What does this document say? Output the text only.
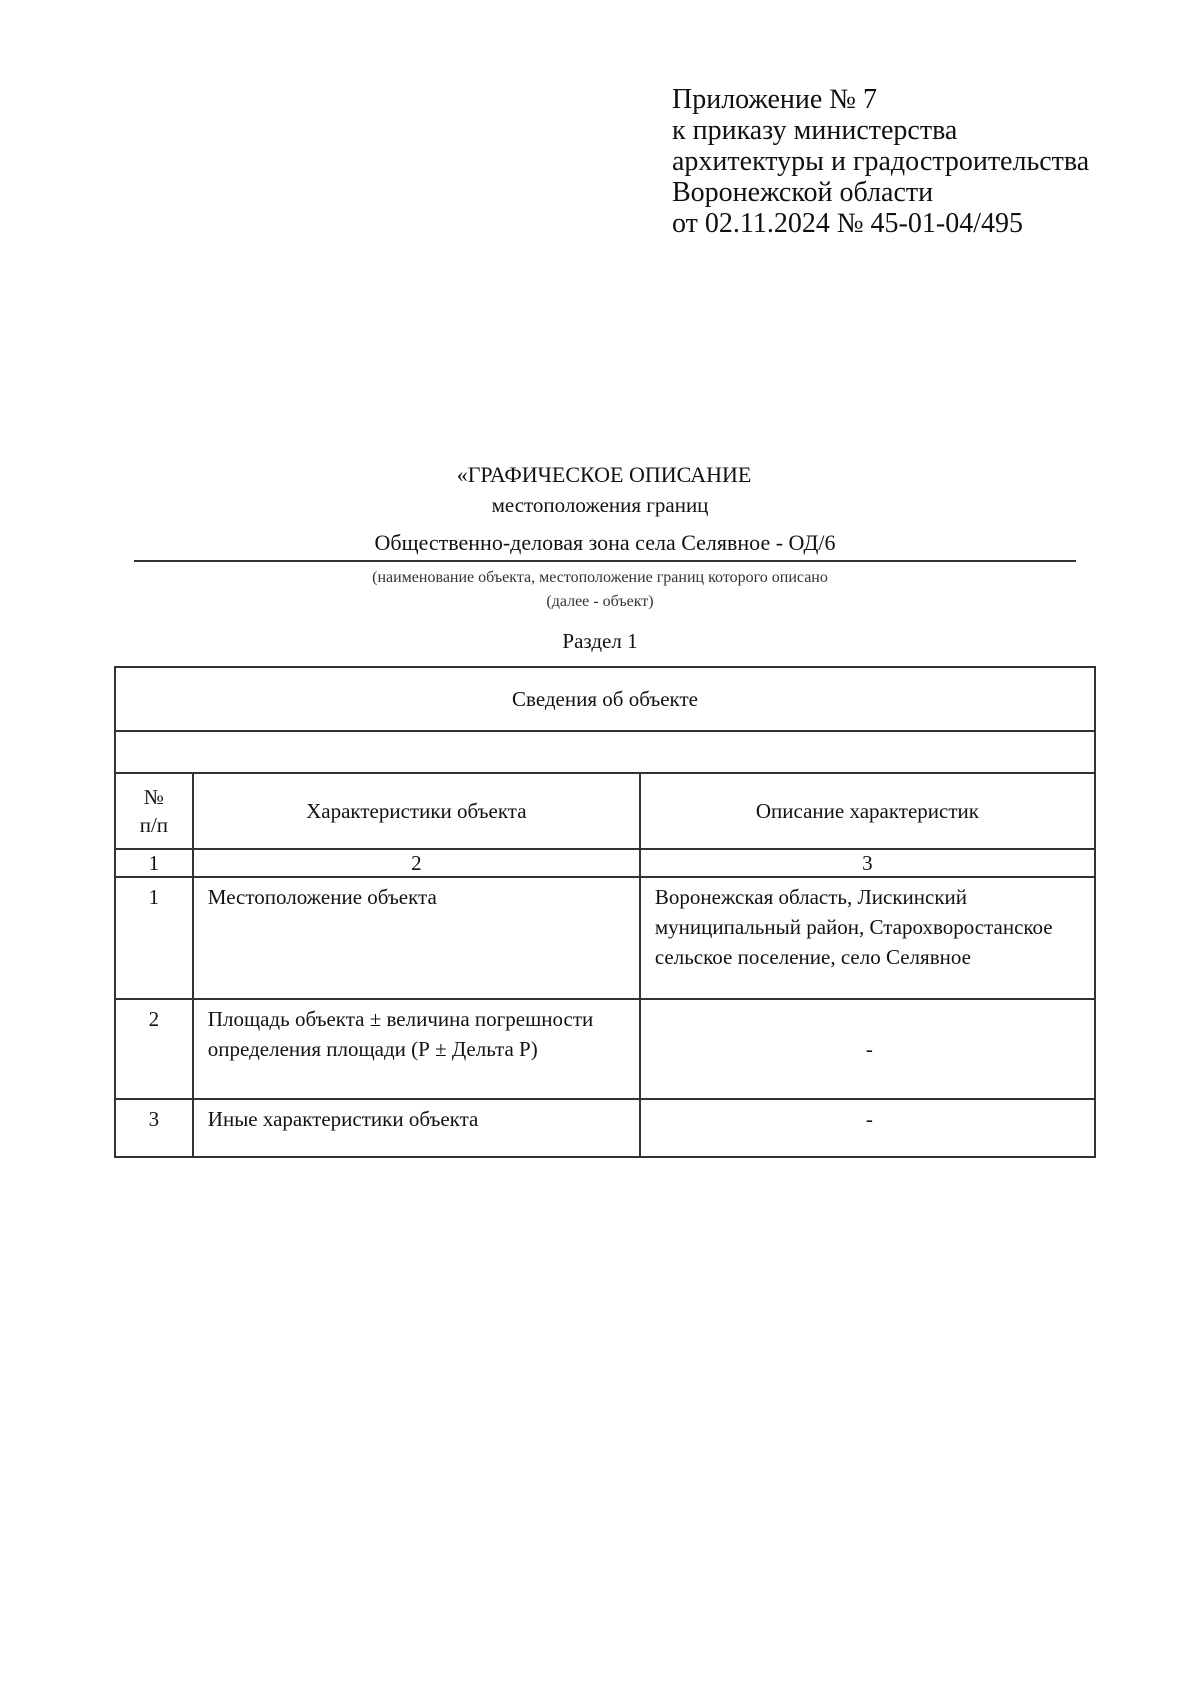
Приложение № 7
к приказу министерства
архитектуры и градостроительства
Воронежской области
от 02.11.2024 № 45-01-04/495
«ГРАФИЧЕСКОЕ ОПИСАНИЕ
местоположения границ
Общественно-деловая зона села Селявное - ОД/6
(наименование объекта, местоположение границ которого описано
(далее - объект)
Раздел 1
Сведения об объекте		

№
п/п	Характеристики объекта	Описание характеристик
1	2	3
1	Местоположение объекта	Воронежская область, Лискинский муниципальный район, Старохворостанское сельское поселение, село Селявное
2	Площадь объекта ± величина погрешности определения площади (Р ± Дельта Р)	-
3	Иные характеристики объекта	-
